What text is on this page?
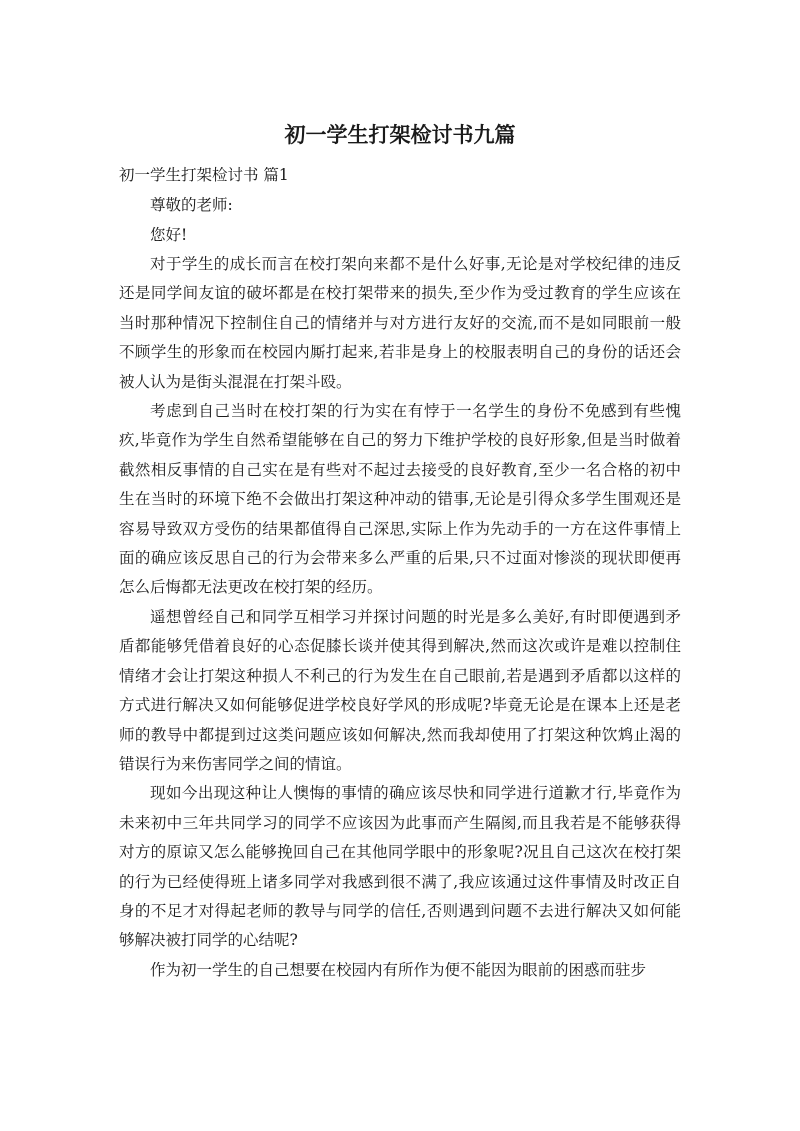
初一学生打架检讨书九篇

初一学生打架检讨书 篇1

尊敬的老师:

您好!

对于学生的成长而言在校打架向来都不是什么好事,无论是对学校纪律的违反还是同学间友谊的破坏都是在校打架带来的损失,至少作为受过教育的学生应该在当时那种情况下控制住自己的情绪并与对方进行友好的交流,而不是如同眼前一般不顾学生的形象而在校园内厮打起来,若非是身上的校服表明自己的身份的话还会被人认为是街头混混在打架斗殴。

考虑到自己当时在校打架的行为实在有悖于一名学生的身份不免感到有些愧疚,毕竟作为学生自然希望能够在自己的努力下维护学校的良好形象,但是当时做着截然相反事情的自己实在是有些对不起过去接受的良好教育,至少一名合格的初中生在当时的环境下绝不会做出打架这种冲动的错事,无论是引得众多学生围观还是容易导致双方受伤的结果都值得自己深思,实际上作为先动手的一方在这件事情上面的确应该反思自己的行为会带来多么严重的后果,只不过面对惨淡的现状即便再怎么后悔都无法更改在校打架的经历。

遥想曾经自己和同学互相学习并探讨问题的时光是多么美好,有时即便遇到矛盾都能够凭借着良好的心态促膝长谈并使其得到解决,然而这次或许是难以控制住情绪才会让打架这种损人不利己的行为发生在自己眼前,若是遇到矛盾都以这样的方式进行解决又如何能够促进学校良好学风的形成呢?毕竟无论是在课本上还是老师的教导中都提到过这类问题应该如何解决,然而我却使用了打架这种饮鸩止渴的错误行为来伤害同学之间的情谊。

现如今出现这种让人懊悔的事情的确应该尽快和同学进行道歉才行,毕竟作为未来初中三年共同学习的同学不应该因为此事而产生隔阂,而且我若是不能够获得对方的原谅又怎么能够挽回自己在其他同学眼中的形象呢?况且自己这次在校打架的行为已经使得班上诸多同学对我感到很不满了,我应该通过这件事情及时改正自身的不足才对得起老师的教导与同学的信任,否则遇到问题不去进行解决又如何能够解决被打同学的心结呢?

作为初一学生的自己想要在校园内有所作为便不能因为眼前的困惑而驻步
